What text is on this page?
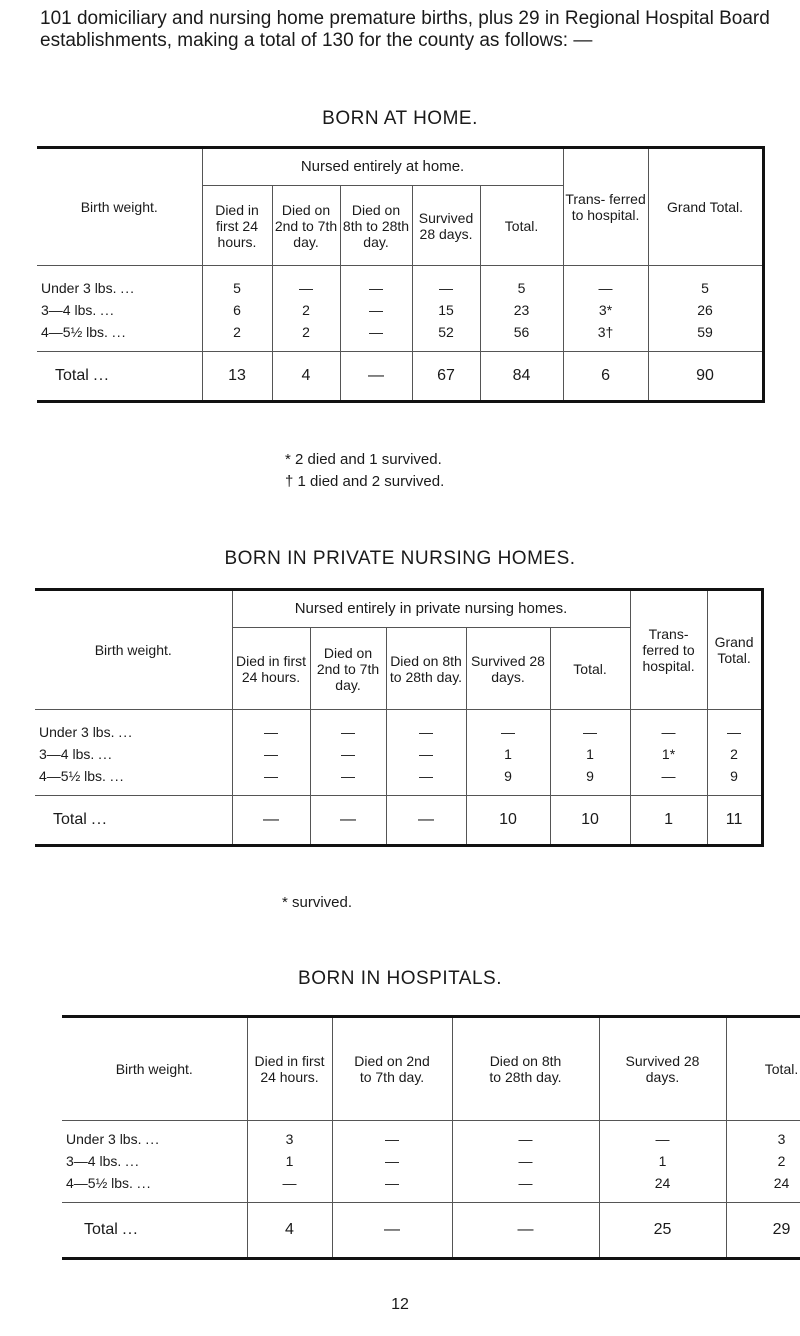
101 domiciliary and nursing home premature births, plus 29 in Regional Hospital Board establishments, making a total of 130 for the county as follows: —
BORN AT HOME.
Birth weight.	Nursed entirely at home.					Trans- ferred to hospital.	Grand Total.
	Died in first 24 hours.	Died on 2nd to 7th day.	Died on 8th to 28th day.	Survived 28 days.	Total.		
Under 3 lbs. ...	5	—	—	—	5	—	5
3—4 lbs. ...	6	2	—	15	23	3*	26
4—5½ lbs. ...	2	2	—	52	56	3†	59
Total ...	13	4	—	67	84	6	90
* 2 died and 1 survived.
† 1 died and 2 survived.
BORN IN PRIVATE NURSING HOMES.
Birth weight.	Nursed entirely in private nursing homes.					Trans- ferred to hospital.	Grand Total.
	Died in first 24 hours.	Died on 2nd to 7th day.	Died on 8th to 28th day.	Survived 28 days.	Total.		
Under 3 lbs. ...	—	—	—	—	—	—	—
3—4 lbs. ...	—	—	—	1	1	1*	2
4—5½ lbs. ...	—	—	—	9	9	—	9
Total ...	—	—	—	10	10	1	11
* survived.
BORN IN HOSPITALS.
Birth weight.	Died in first 24 hours.	Died on 2nd to 7th day.	Died on 8th to 28th day.	Survived 28 days.	Total.
Under 3 lbs. ...	3	—	—	—	3
3—4 lbs. ...	1	—	—	1	2
4—5½ lbs. ...	—	—	—	24	24
Total ...	4	—	—	25	29
12
